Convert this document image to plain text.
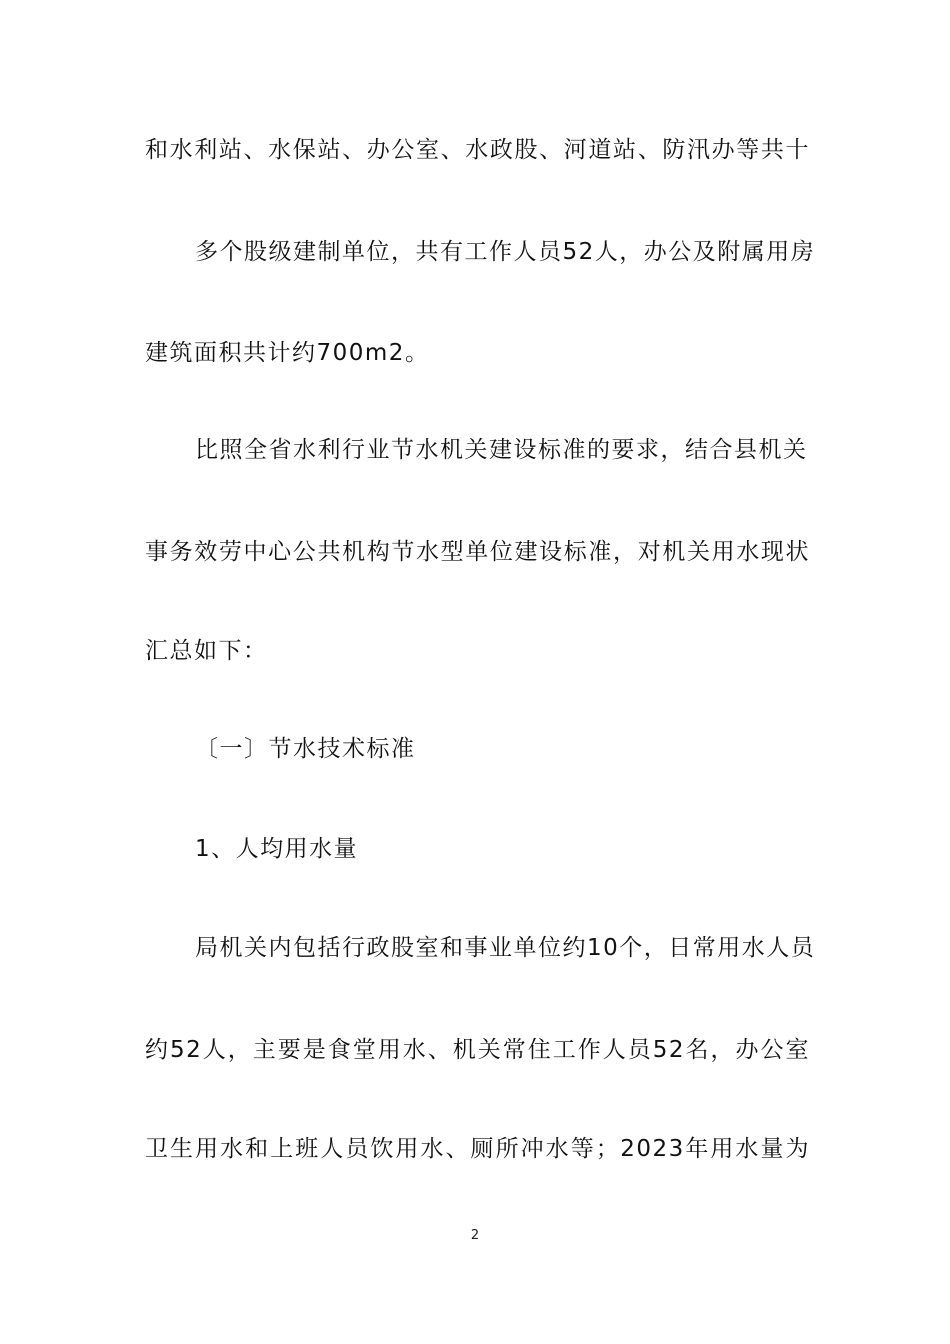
和水利站、水保站、办公室、水政股、河道站、防汛办等共十
多个股级建制单位，共有工作人员52人，办公及附属用房
建筑面积共计约700m2。
比照全省水利行业节水机关建设标准的要求，结合县机关
事务效劳中心公共机构节水型单位建设标准，对机关用水现状
汇总如下：
〔一〕节水技术标准
1、人均用水量
局机关内包括行政股室和事业单位约10个，日常用水人员
约52人，主要是食堂用水、机关常住工作人员52名，办公室
卫生用水和上班人员饮用水、厕所冲水等；2023年用水量为
2
